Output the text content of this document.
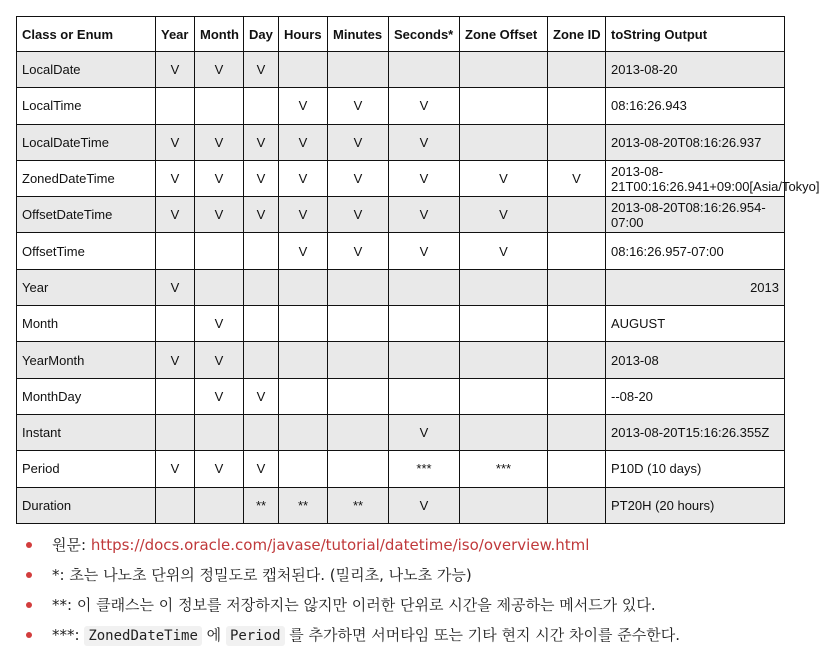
Class or Enum	Year	Month	Day	Hours	Minutes	Seconds*	Zone Offset	Zone ID	toString Output
LocalDate	V	V	V						2013-08-20
LocalTime				V	V	V			08:16:26.943
LocalDateTime	V	V	V	V	V	V			2013-08-20T08:16:26.937
ZonedDateTime	V	V	V	V	V	V	V	V	2013-08-21T00:16:26.941+09:00[Asia/Tokyo]
OffsetDateTime	V	V	V	V	V	V	V		2013-08-20T08:16:26.954-07:00
OffsetTime				V	V	V	V		08:16:26.957-07:00
Year	V								2013
Month		V							AUGUST
YearMonth	V	V							2013-08
MonthDay		V	V						--08-20
Instant						V			2013-08-20T15:16:26.355Z
Period	V	V	V			***	***		P10D (10 days)
Duration			**	**	**	V			PT20H (20 hours)
원문: https://docs.oracle.com/javase/tutorial/datetime/iso/overview.html
*: 초는 나노초 단위의 정밀도로 캡처된다. (밀리초, 나노초 가능)
**: 이 클래스는 이 정보를 저장하지는 않지만 이러한 단위로 시간을 제공하는 메서드가 있다.
***: ZonedDateTime 에 Period 를 추가하면 서머타임 또는 기타 현지 시간 차이를 준수한다.
